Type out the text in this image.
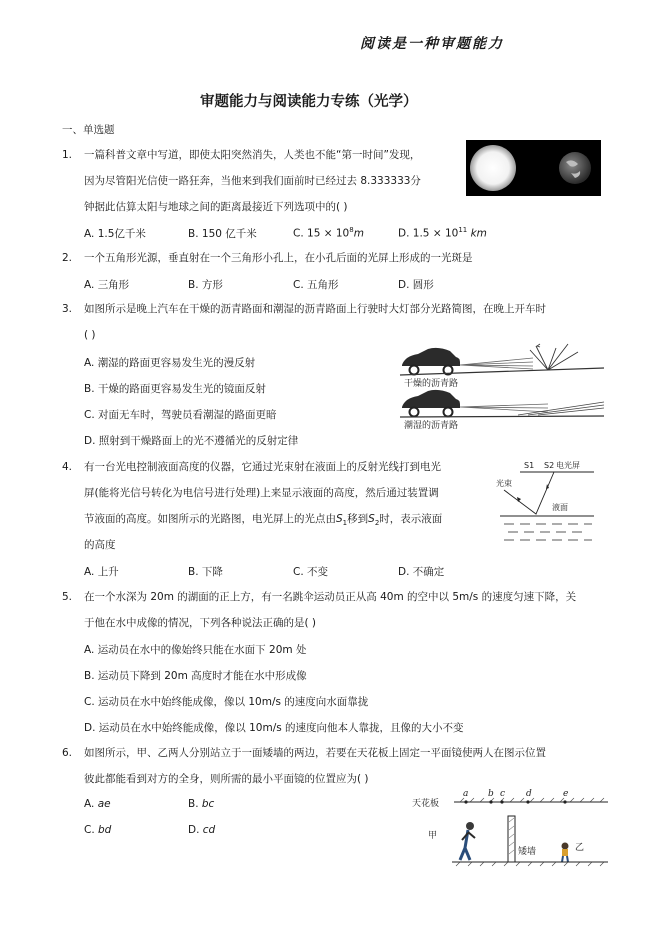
阅读是一种审题能力
审题能力与阅读能力专练（光学）
一、单选题
1. 一篇科普文章中写道，即使太阳突然消失，人类也不能“第一时间”发现，
因为尽管阳光信使一路狂奔，当他来到我们面前时已经过去 8.333333分
钟据此估算太阳与地球之间的距离最接近下列选项中的( )
A. 1.5亿千米	B. 150 亿千米	C. $15 \times 10^8m$	D. $1.5 \times 10^{11}$ km
2. 一个五角形光源，垂直射在一个三角形小孔上，在小孔后面的光屏上形成的一光斑是
A. 三角形	B. 方形	C. 五角形	D. 圆形
3. 如图所示是晚上汽车在干燥的沥青路面和潮湿的沥青路面上行驶时大灯部分光路简图，在晚上开车时
( )
A. 潮湿的路面更容易发生光的漫反射
B. 干燥的路面更容易发生光的镜面反射
C. 对面无车时，驾驶员看潮湿的路面更暗
D. 照射到干燥路面上的光不遵循光的反射定律
干燥的沥青路
潮湿的沥青路
4. 有一台光电控制液面高度的仪器，它通过光束射在液面上的反射光线打到电光
屏(能将光信号转化为电信号进行处理)上来显示液面的高度，然后通过装置调
节液面的高度。如图所示的光路图，电光屏上的光点由$S_1$移到$S_2$时，表示液面
的高度
A. 上升	B. 下降	C. 不变	D. 不确定
S1 S2 电光屏
光束
液面
5. 在一个水深为 20m 的湖面的正上方，有一名跳伞运动员正从高 40m 的空中以 5m/s 的速度匀速下降，关
于他在水中成像的情况，下列各种说法正确的是( )
A. 运动员在水中的像始终只能在水面下 20m 处
B. 运动员下降到 20m 高度时才能在水中形成像
C. 运动员在水中始终能成像，像以 10m/s 的速度向水面靠拢
D. 运动员在水中始终能成像，像以 10m/s 的速度向他本人靠拢，且像的大小不变
6. 如图所示，甲、乙两人分别站立于一面矮墙的两边，若要在天花板上固定一平面镜使两人在图示位置
彼此都能看到对方的全身，则所需的最小平面镜的位置应为( )
A. ae	B. bc
C. bd	D. cd
天花板
a b c d	e
甲
矮墙	乙
